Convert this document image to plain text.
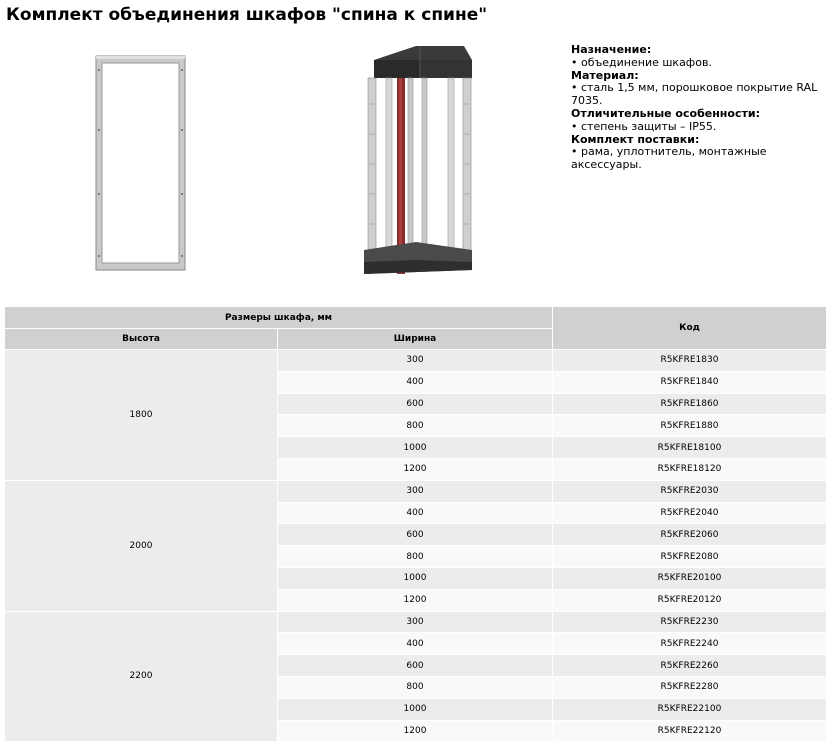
Комплект объединения шкафов "спина к спине"
Назначение:
• объединение шкафов.
Материал:
• сталь 1,5 мм, порошковое покрытие RAL 7035.
Отличительные особенности:
• степень защиты – IP55.
Комплект поставки:
• рама, уплотнитель, монтажные аксессуары.
Размеры шкафа, мм		Код
Высота	Ширина	
1800	300	R5KFRE1830
	400	R5KFRE1840
	600	R5KFRE1860
	800	R5KFRE1880
	1000	R5KFRE18100
	1200	R5KFRE18120
2000	300	R5KFRE2030
	400	R5KFRE2040
	600	R5KFRE2060
	800	R5KFRE2080
	1000	R5KFRE20100
	1200	R5KFRE20120
2200	300	R5KFRE2230
	400	R5KFRE2240
	600	R5KFRE2260
	800	R5KFRE2280
	1000	R5KFRE22100
	1200	R5KFRE22120
